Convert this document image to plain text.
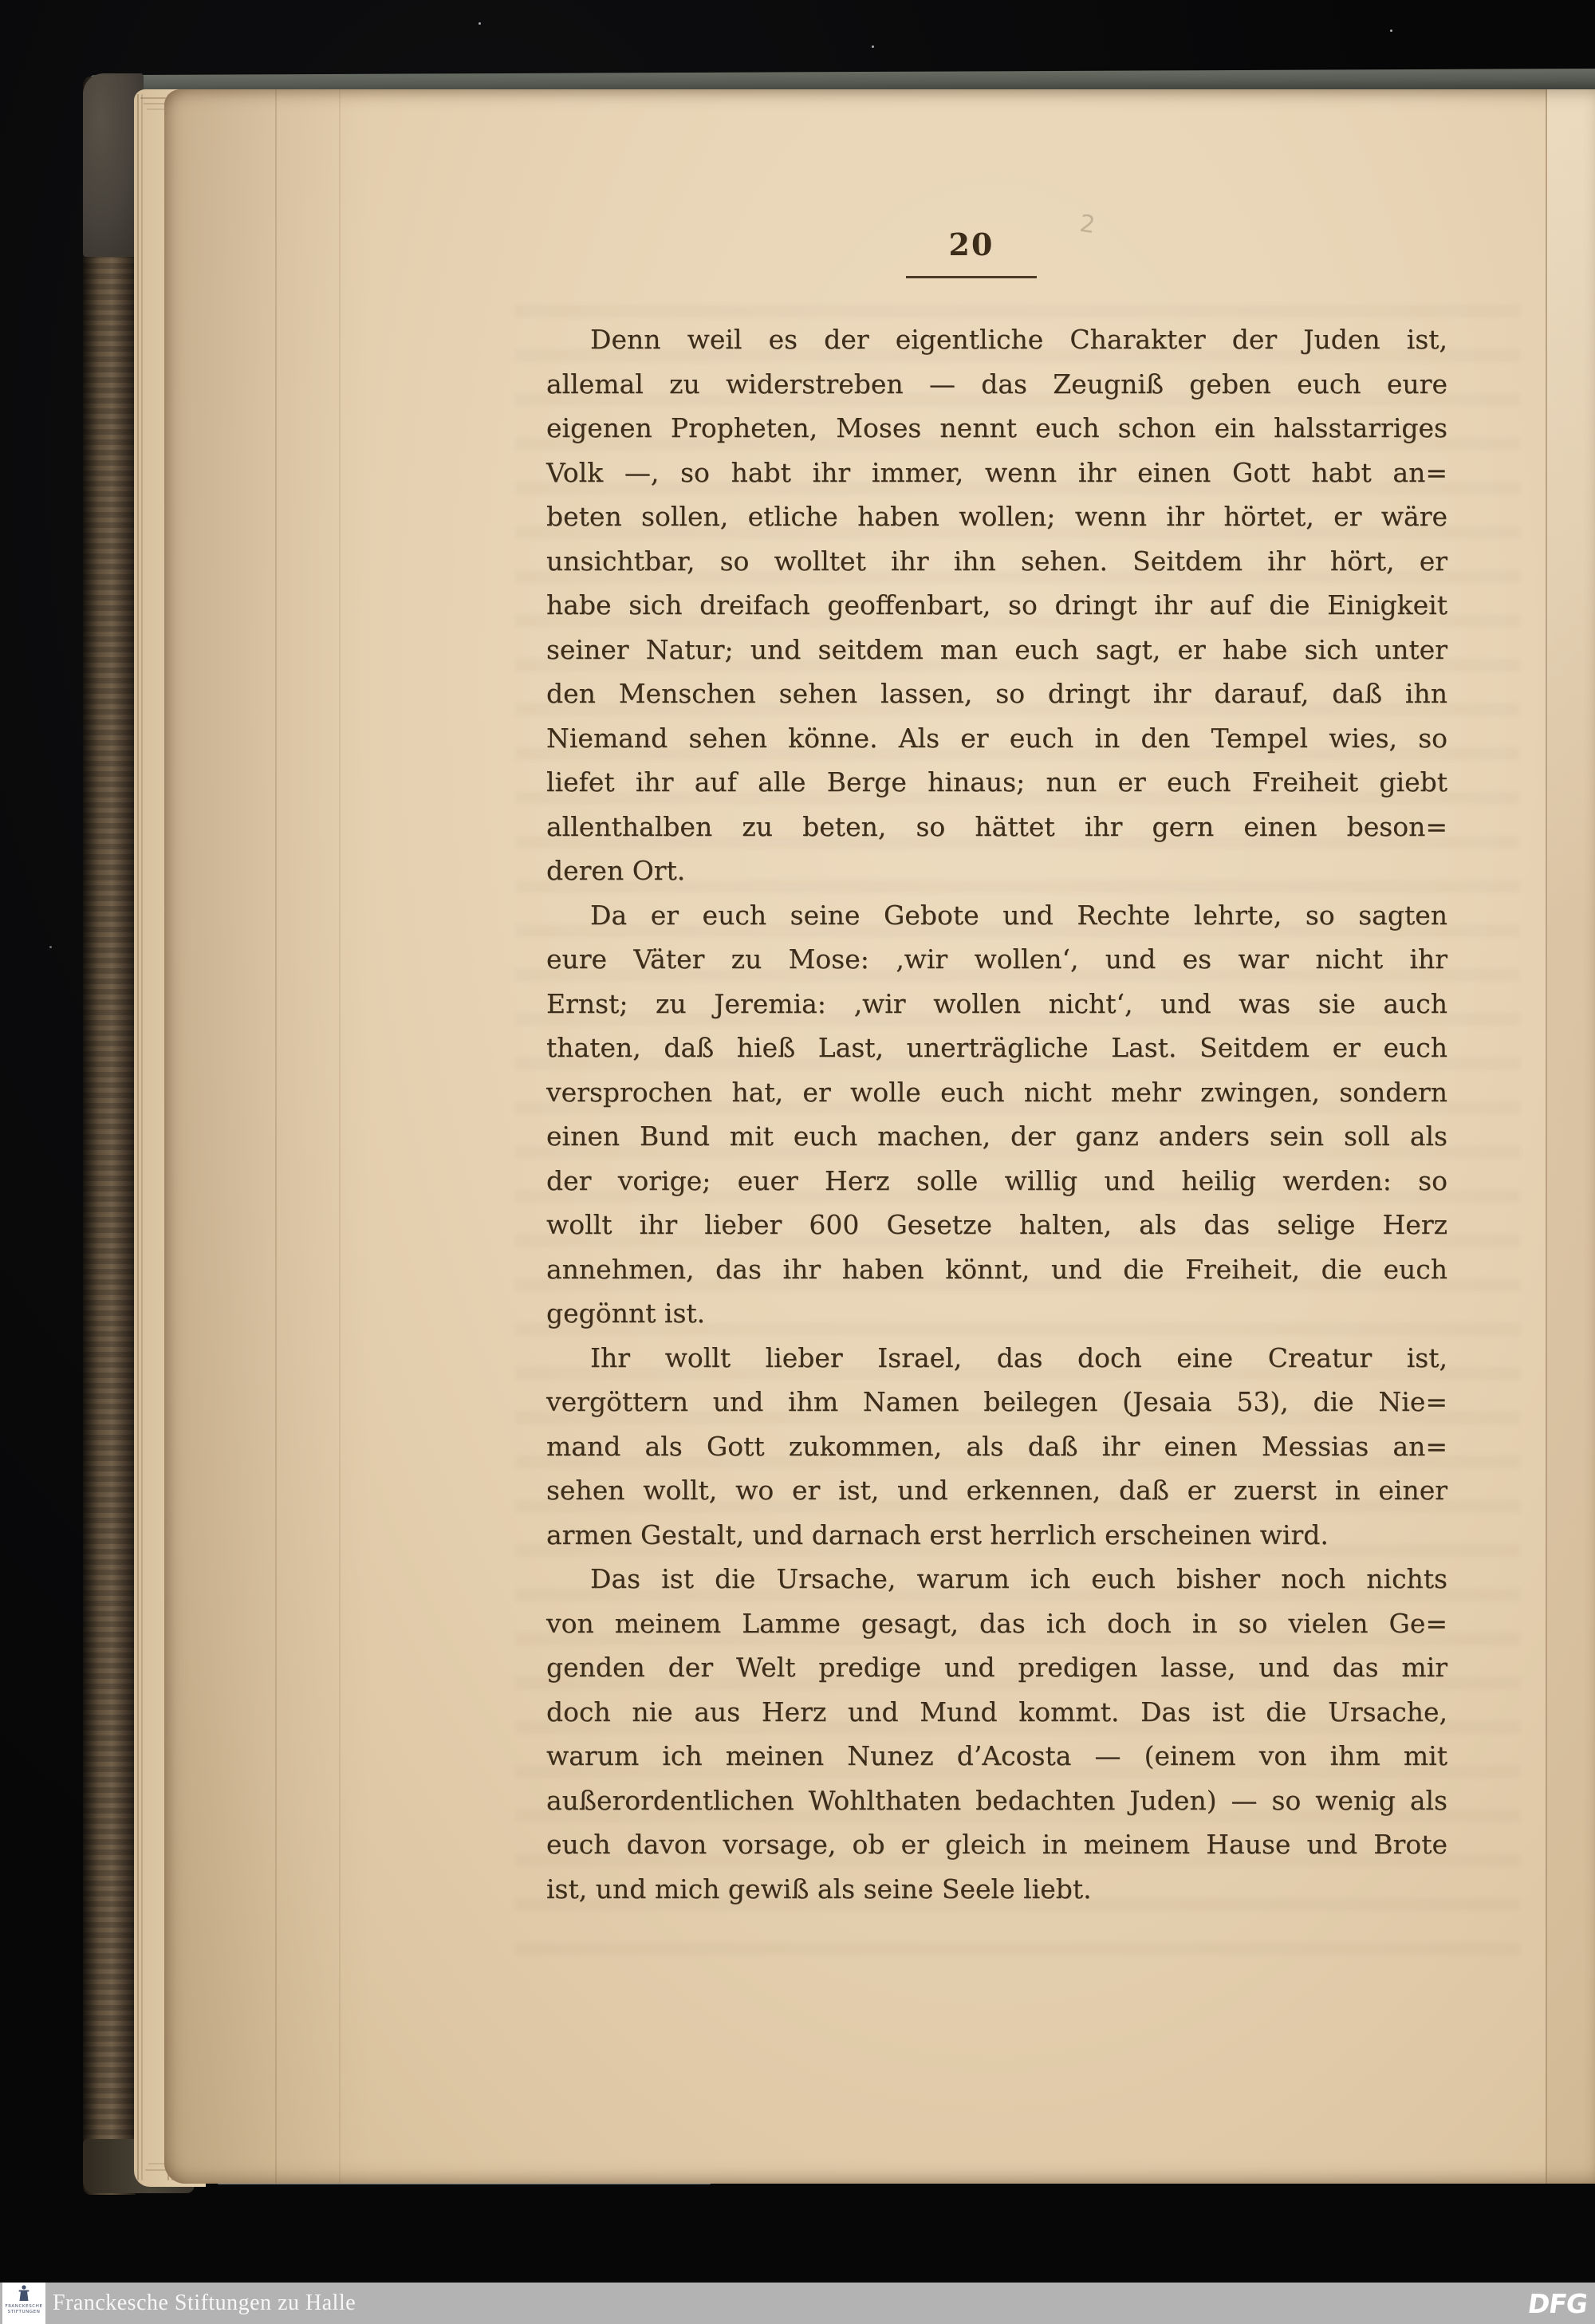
2
20
Denn weil es der eigentliche Charakter der Juden ist,
allemal zu widerstreben — das Zeugniß geben euch eure
eigenen Propheten, Moses nennt euch schon ein halsstarriges
Volk —, so habt ihr immer, wenn ihr einen Gott habt an=
beten sollen, etliche haben wollen; wenn ihr hörtet, er wäre
unsichtbar, so wolltet ihr ihn sehen. Seitdem ihr hört, er
habe sich dreifach geoffenbart, so dringt ihr auf die Einigkeit
seiner Natur; und seitdem man euch sagt, er habe sich unter
den Menschen sehen lassen, so dringt ihr darauf, daß ihn
Niemand sehen könne. Als er euch in den Tempel wies, so
liefet ihr auf alle Berge hinaus; nun er euch Freiheit giebt
allenthalben zu beten, so hättet ihr gern einen beson=
deren Ort.
Da er euch seine Gebote und Rechte lehrte, so sagten
eure Väter zu Mose: ‚wir wollen‘, und es war nicht ihr
Ernst; zu Jeremia: ‚wir wollen nicht‘, und was sie auch
thaten, daß hieß Last, unerträgliche Last. Seitdem er euch
versprochen hat, er wolle euch nicht mehr zwingen, sondern
einen Bund mit euch machen, der ganz anders sein soll als
der vorige; euer Herz solle willig und heilig werden: so
wollt ihr lieber 600 Gesetze halten, als das selige Herz
annehmen, das ihr haben könnt, und die Freiheit, die euch
gegönnt ist.
Ihr wollt lieber Israel, das doch eine Creatur ist,
vergöttern und ihm Namen beilegen (Jesaia 53), die Nie=
mand als Gott zukommen, als daß ihr einen Messias an=
sehen wollt, wo er ist, und erkennen, daß er zuerst in einer
armen Gestalt, und darnach erst herrlich erscheinen wird.
Das ist die Ursache, warum ich euch bisher noch nichts
von meinem Lamme gesagt, das ich doch in so vielen Ge=
genden der Welt predige und predigen lasse, und das mir
doch nie aus Herz und Mund kommt. Das ist die Ursache,
warum ich meinen Nunez d’Acosta — (einem von ihm mit
außerordentlichen Wohlthaten bedachten Juden) — so wenig als
euch davon vorsage, ob er gleich in meinem Hause und Brote
ist, und mich gewiß als seine Seele liebt.
FRANCKESCHE
STIFTUNGEN Franckesche Stiftungen zu Halle	DFG
